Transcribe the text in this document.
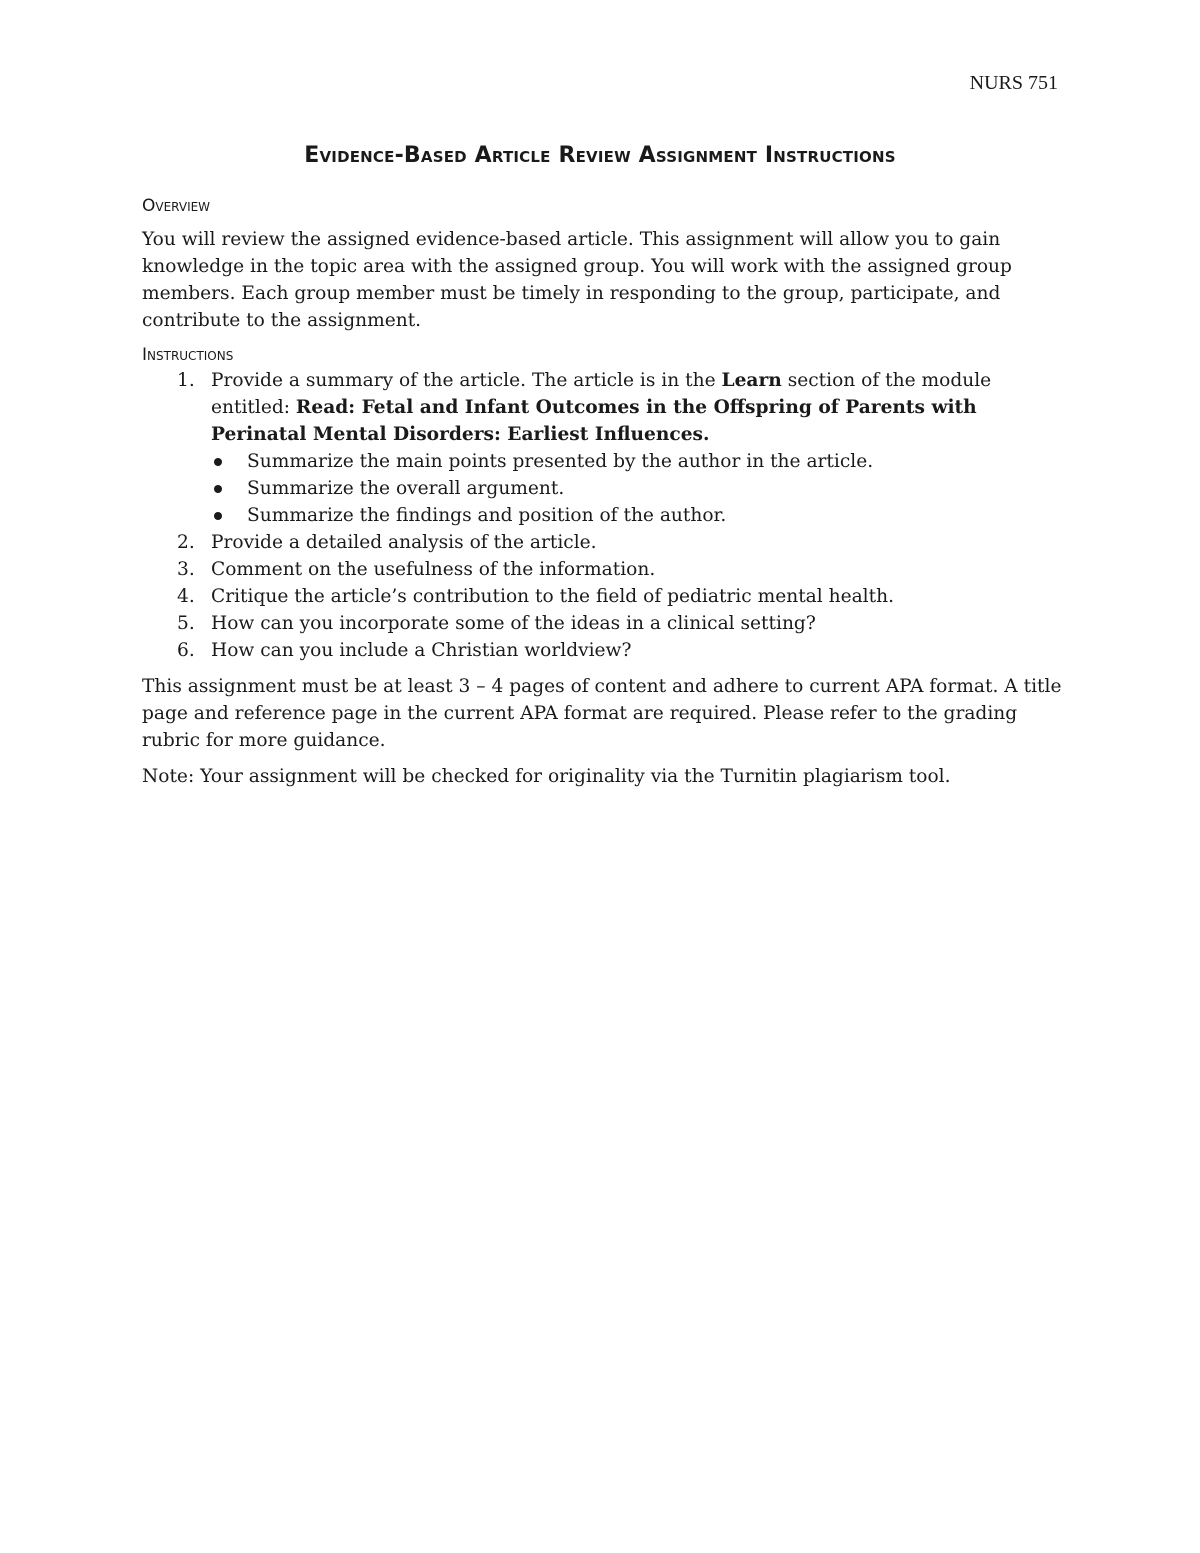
NURS 751
Evidence-Based Article Review Assignment Instructions
Overview

You will review the assigned evidence-based article. This assignment will allow you to gain knowledge in the topic area with the assigned group. You will work with the assigned group members. Each group member must be timely in responding to the group, participate, and contribute to the assignment.

Instructions
1. Provide a summary of the article. The article is in the Learn section of the module entitled: Read: Fetal and Infant Outcomes in the Offspring of Parents with Perinatal Mental Disorders: Earliest Influences.
Summarize the main points presented by the author in the article.
Summarize the overall argument.
Summarize the findings and position of the author.
2. Provide a detailed analysis of the article.
3. Comment on the usefulness of the information.
4. Critique the article’s contribution to the field of pediatric mental health.
5. How can you incorporate some of the ideas in a clinical setting?
6. How can you include a Christian worldview?

This assignment must be at least 3 – 4 pages of content and adhere to current APA format. A title page and reference page in the current APA format are required. Please refer to the grading rubric for more guidance.

Note: Your assignment will be checked for originality via the Turnitin plagiarism tool.
